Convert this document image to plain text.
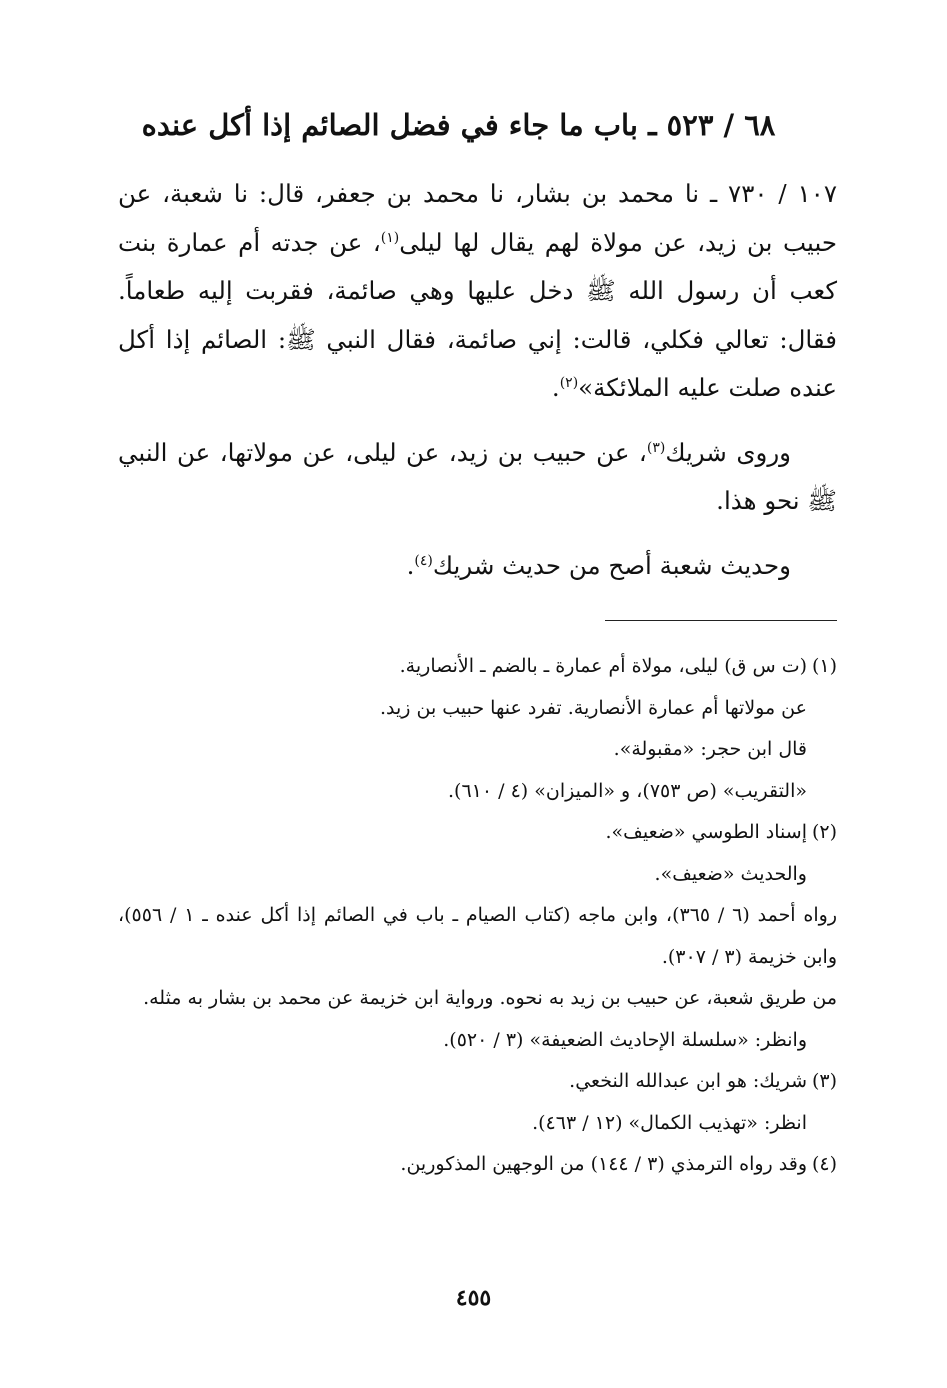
٦٨ / ٥٢٣ ـ باب ما جاء في فضل الصائم إذا أكل عنده

١٠٧ / ٧٣٠ ـ نا محمد بن بشار، نا محمد بن جعفر، قال: نا شعبة، عن حبيب بن زيد، عن مولاة لهم يقال لها ليلى$^{(١)}$، عن جدته أم عمارة بنت كعب أن رسول الله ﷺ دخل عليها وهي صائمة، فقربت إليه طعاماً. فقال: تعالي فكلي، قالت: إني صائمة، فقال النبي ﷺ: الصائم إذا أكل عنده صلت عليه الملائكة»$^{(٢)}$.

وروى شريك$^{(٣)}$، عن حبيب بن زيد، عن ليلى، عن مولاتها، عن النبي ﷺ نحو هذا.

وحديث شعبة أصح من حديث شريك$^{(٤)}$.

(١)(ت س ق) ليلى، مولاة أم عمارة ـ بالضم ـ الأنصارية.

عن مولاتها أم عمارة الأنصارية. تفرد عنها حبيب بن زيد.

قال ابن حجر: «مقبولة».

«التقريب» (ص ٧٥٣)، و «الميزان» (٤ / ٦١٠).

(٢)إسناد الطوسي «ضعيف».

والحديث «ضعيف».

رواه أحمد (٦ / ٣٦٥)، وابن ماجه (كتاب الصيام ـ باب في الصائم إذا أكل عنده ـ ١ / ٥٥٦)، وابن خزيمة (٣ / ٣٠٧).

من طريق شعبة، عن حبيب بن زيد به نحوه. ورواية ابن خزيمة عن محمد بن بشار به مثله.

وانظر: «سلسلة الإحاديث الضعيفة» (٣ / ٥٢٠).

(٣)شريك: هو ابن عبدالله النخعي.

انظر: «تهذيب الكمال» (١٢ / ٤٦٣).

(٤)وقد رواه الترمذي (٣ / ١٤٤) من الوجهين المذكورين.

٤٥٥
